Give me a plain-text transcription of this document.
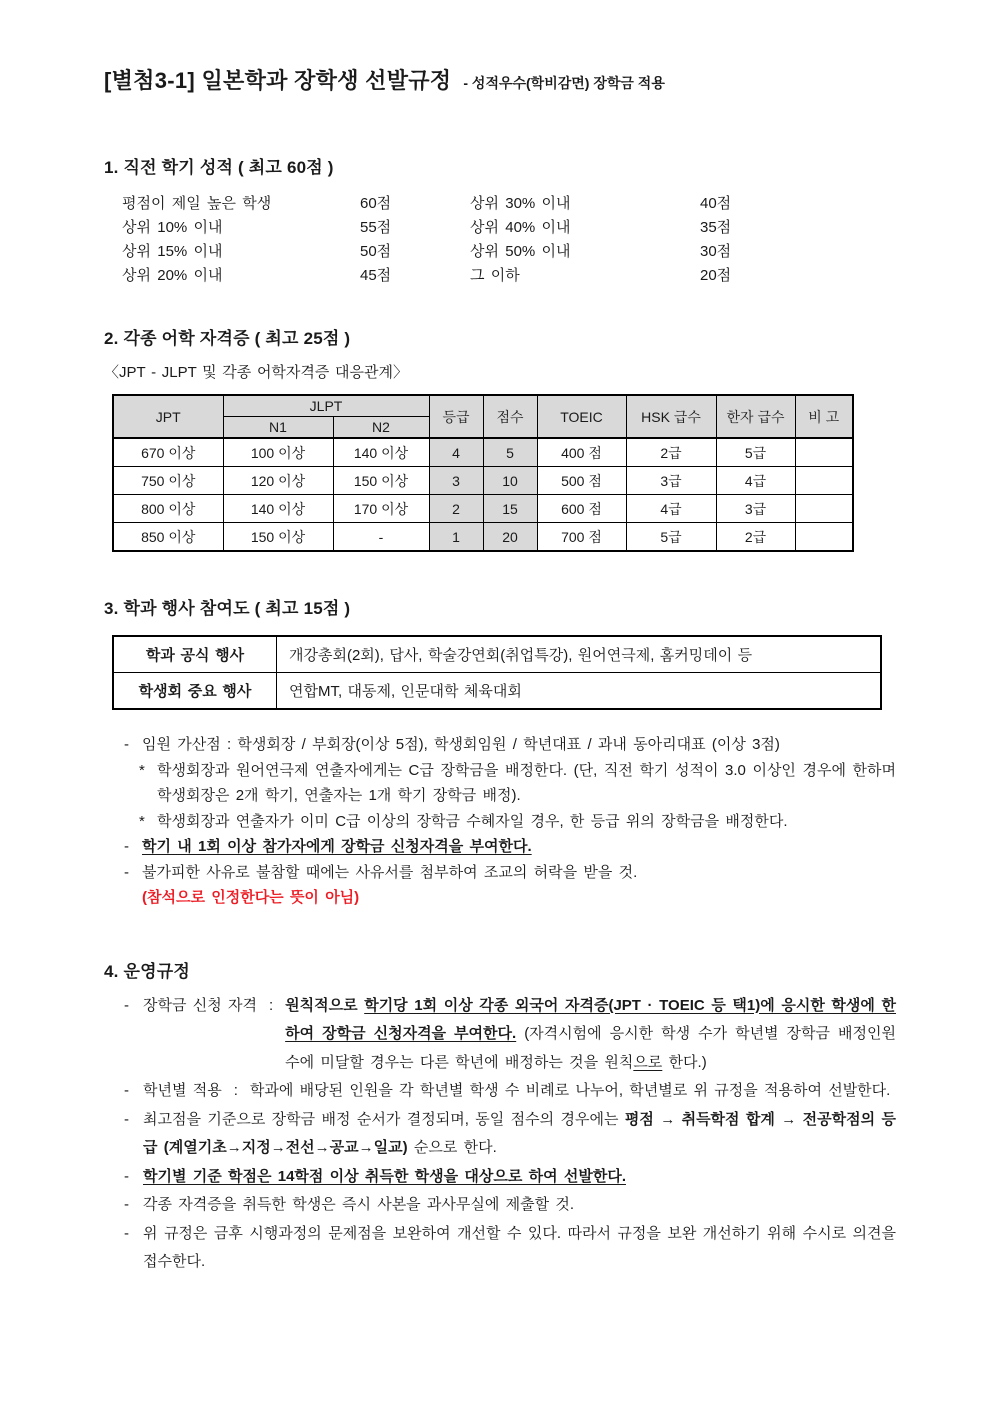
[별첨3-1] 일본학과 장학생 선발규정 - 성적우수(학비감면) 장학금 적용
1. 직전 학기 성적 ( 최고 60점 )
평점이 제일 높은 학생	60점	상위 30% 이내	40점
상위 10% 이내	55점	상위 40% 이내	35점
상위 15% 이내	50점	상위 50% 이내	30점
상위 20% 이내	45점	그 이하	20점
2. 각종 어학 자격증 ( 최고 25점 )
〈JPT - JLPT 및 각종 어학자격증 대응관계〉
JPT	JLPT		등급	점수	TOEIC	HSK 급수	한자 급수	비 고
	N1	N2						
670 이상	100 이상	140 이상	4	5	400 점	2급	5급	
750 이상	120 이상	150 이상	3	10	500 점	3급	4급	
800 이상	140 이상	170 이상	2	15	600 점	4급	3급	
850 이상	150 이상	-	1	20	700 점	5급	2급	
3. 학과 행사 참여도 ( 최고 15점 )
학과 공식 행사	개강총회(2회), 답사, 학술강연회(취업특강), 원어연극제, 홈커밍데이 등
학생회 중요 행사	연합MT, 대동제, 인문대학 체육대회
- 임원 가산점 : 학생회장 / 부회장(이상 5점), 학생회임원 / 학년대표 / 과내 동아리대표 (이상 3점)
* 학생회장과 원어연극제 연출자에게는 C급 장학금을 배정한다. (단, 직전 학기 성적이 3.0 이상인 경우에 한하며 학생회장은 2개 학기, 연출자는 1개 학기 장학금 배정).
* 학생회장과 연출자가 이미 C급 이상의 장학금 수혜자일 경우, 한 등급 위의 장학금을 배정한다.
- 학기 내 1회 이상 참가자에게 장학금 신청자격을 부여한다.
- 불가피한 사유로 불참할 때에는 사유서를 첨부하여 조교의 허락을 받을 것.
(참석으로 인정한다는 뜻이 아님)
4. 운영규정
- 장학금 신청 자격 : 원칙적으로 학기당 1회 이상 각종 외국어 자격증(JPT · TOEIC 등 택1)에 응시한 학생에 한하여 장학금 신청자격을 부여한다. (자격시험에 응시한 학생 수가 학년별 장학금 배정인원 수에 미달할 경우는 다른 학년에 배정하는 것을 원칙으로 한다.)
- 학년별 적용 : 학과에 배당된 인원을 각 학년별 학생 수 비례로 나누어, 학년별로 위 규정을 적용하여 선발한다.
- 최고점을 기준으로 장학금 배정 순서가 결정되며, 동일 점수의 경우에는 평점 → 취득학점 합계 → 전공학점의 등급 (계열기초→지정→전선→공교→일교) 순으로 한다.
- 학기별 기준 학점은 14학점 이상 취득한 학생을 대상으로 하여 선발한다.
- 각종 자격증을 취득한 학생은 즉시 사본을 과사무실에 제출할 것.
- 위 규정은 금후 시행과정의 문제점을 보완하여 개선할 수 있다. 따라서 규정을 보완 개선하기 위해 수시로 의견을 접수한다.
